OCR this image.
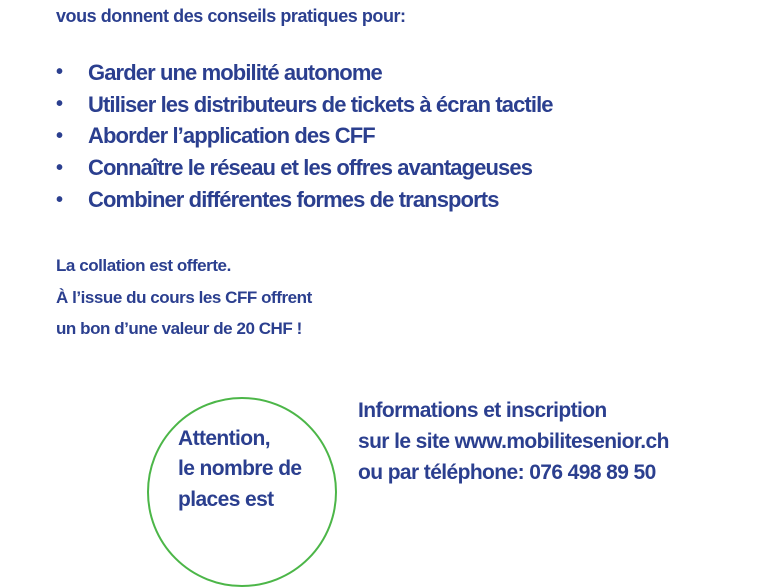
vous donnent des conseils pratiques pour:
•	Garder une mobilité autonome
•	Utiliser les distributeurs de tickets à écran tactile
•	Aborder l’application des CFF
•	Connaître le réseau et les offres avantageuses
•	Combiner différentes formes de transports
La collation est offerte.
À l’issue du cours les CFF offrent
un bon d’une valeur de 20 CHF !
Attention,
le nombre de
places est
Informations et inscription
sur le site www.mobilitesenior.ch
ou par téléphone: 076 498 89 50
